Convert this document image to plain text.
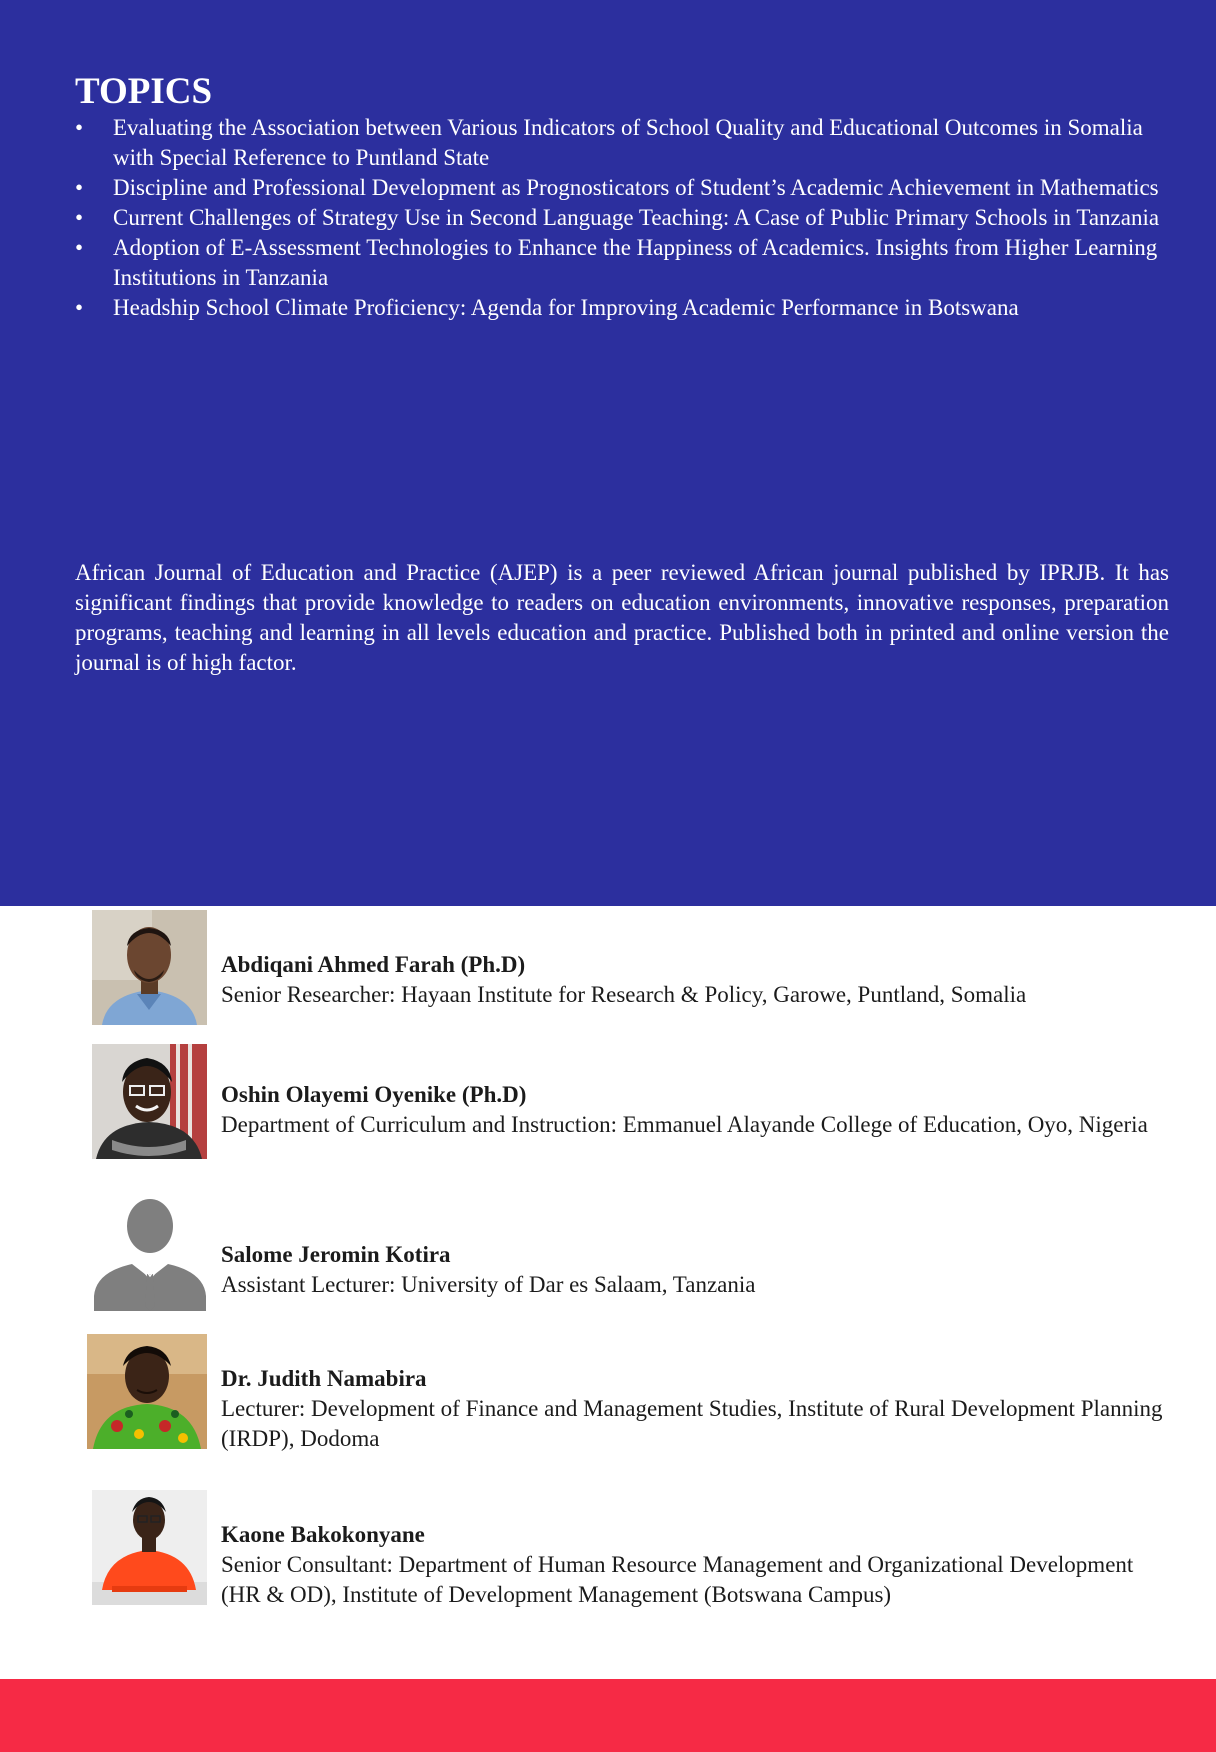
TOPICS
• Evaluating the Association between Various Indicators of School Quality and Educational Outcomes in Somalia with Special Reference to Puntland State
• Discipline and Professional Development as Prognosticators of Student’s Academic Achievement in Mathematics
• Current Challenges of Strategy Use in Second Language Teaching: A Case of Public Primary Schools in Tanzania
• Adoption of E-Assessment Technologies to Enhance the Happiness of Academics. Insights from Higher Learning Institutions in Tanzania
• Headship School Climate Proficiency: Agenda for Improving Academic Performance in Botswana

African Journal of Education and Practice (AJEP) is a peer reviewed African journal published by IPRJB. It has significant findings that provide knowledge to readers on education environments, innovative responses, preparation programs, teaching and learning in all levels education and practice. Published both in printed and online version the journal is of high factor.

Abdiqani Ahmed Farah (Ph.D)
Senior Researcher: Hayaan Institute for Research & Policy, Garowe, Puntland, Somalia
Oshin Olayemi Oyenike (Ph.D)
Department of Curriculum and Instruction: Emmanuel Alayande College of Education, Oyo, Nigeria
Salome Jeromin Kotira
Assistant Lecturer: University of Dar es Salaam, Tanzania
Dr. Judith Namabira
Lecturer: Development of Finance and Management Studies, Institute of Rural Development Planning (IRDP), Dodoma
Kaone Bakokonyane
Senior Consultant: Department of Human Resource Management and Organizational Development (HR & OD), Institute of Development Management (Botswana Campus)
